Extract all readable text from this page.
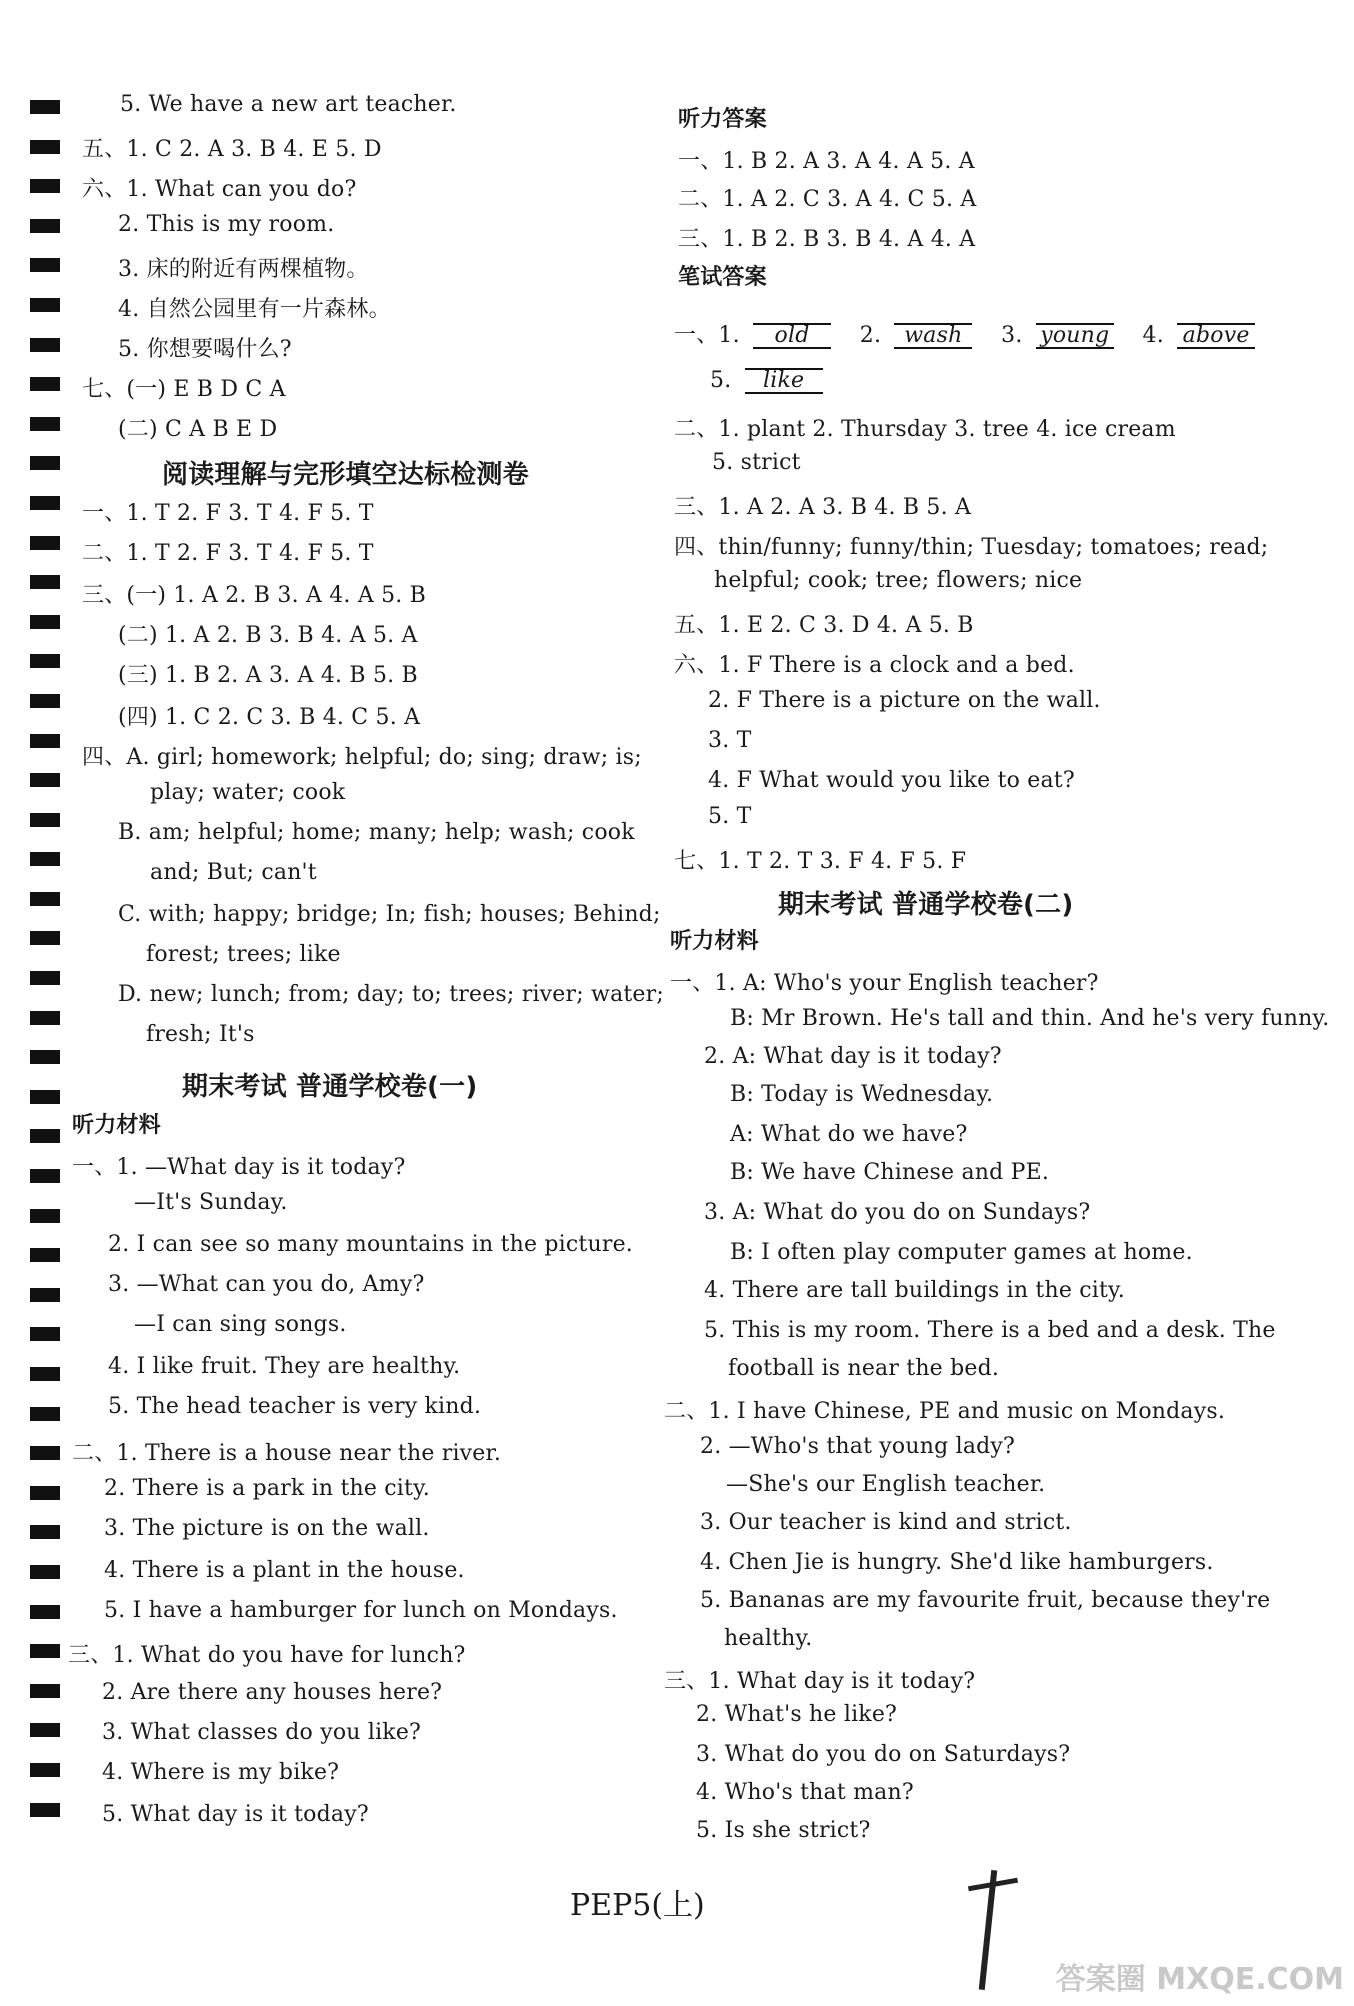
5. We have a new art teacher.
五、1. C 2. A 3. B 4. E 5. D
六、1. What can you do?
2. This is my room.
3. 床的附近有两棵植物。
4. 自然公园里有一片森林。
5. 你想要喝什么?
七、(一) E B D C A
(二) C A B E D
阅读理解与完形填空达标检测卷
一、1. T 2. F 3. T 4. F 5. T
二、1. T 2. F 3. T 4. F 5. T
三、(一) 1. A 2. B 3. A 4. A 5. B
(二) 1. A 2. B 3. B 4. A 5. A
(三) 1. B 2. A 3. A 4. B 5. B
(四) 1. C 2. C 3. B 4. C 5. A
四、A. girl; homework; helpful; do; sing; draw; is;
play; water; cook
B. am; helpful; home; many; help; wash; cook
and; But; can't
C. with; happy; bridge; In; fish; houses; Behind;
forest; trees; like
D. new; lunch; from; day; to; trees; river; water;
fresh; It's
期末考试 普通学校卷(一)
听力材料
一、1. —What day is it today?
—It's Sunday.
2. I can see so many mountains in the picture.
3. —What can you do, Amy?
—I can sing songs.
4. I like fruit. They are healthy.
5. The head teacher is very kind.
二、1. There is a house near the river.
2. There is a park in the city.
3. The picture is on the wall.
4. There is a plant in the house.
5. I have a hamburger for lunch on Mondays.
三、1. What do you have for lunch?
2. Are there any houses here?
3. What classes do you like?
4. Where is my bike?
5. What day is it today?
听力答案
一、1. B 2. A 3. A 4. A 5. A
二、1. A 2. C 3. A 4. C 5. A
三、1. B 2. B 3. B 4. A 4. A
笔试答案
二、1. plant 2. Thursday 3. tree 4. ice cream
5. strict
三、1. A 2. A 3. B 4. B 5. A
四、thin/funny; funny/thin; Tuesday; tomatoes; read;
helpful; cook; tree; flowers; nice
五、1. E 2. C 3. D 4. A 5. B
六、1. F There is a clock and a bed.
2. F There is a picture on the wall.
3. T
4. F What would you like to eat?
5. T
七、1. T 2. T 3. F 4. F 5. F
期末考试 普通学校卷(二)
听力材料
一、1. A: Who's your English teacher?
B: Mr Brown. He's tall and thin. And he's very funny.
2. A: What day is it today?
B: Today is Wednesday.
A: What do we have?
B: We have Chinese and PE.
3. A: What do you do on Sundays?
B: I often play computer games at home.
4. There are tall buildings in the city.
5. This is my room. There is a bed and a desk. The
football is near the bed.
二、1. I have Chinese, PE and music on Mondays.
2. —Who's that young lady?
—She's our English teacher.
3. Our teacher is kind and strict.
4. Chen Jie is hungry. She'd like hamburgers.
5. Bananas are my favourite fruit, because they're
healthy.
三、1. What day is it today?
2. What's he like?
3. What do you do on Saturdays?
4. Who's that man?
5. Is she strict?
一、1. old 2. wash 3. young 4. above
5. like
PEP5(上)
答案圈 MXQE.COM
